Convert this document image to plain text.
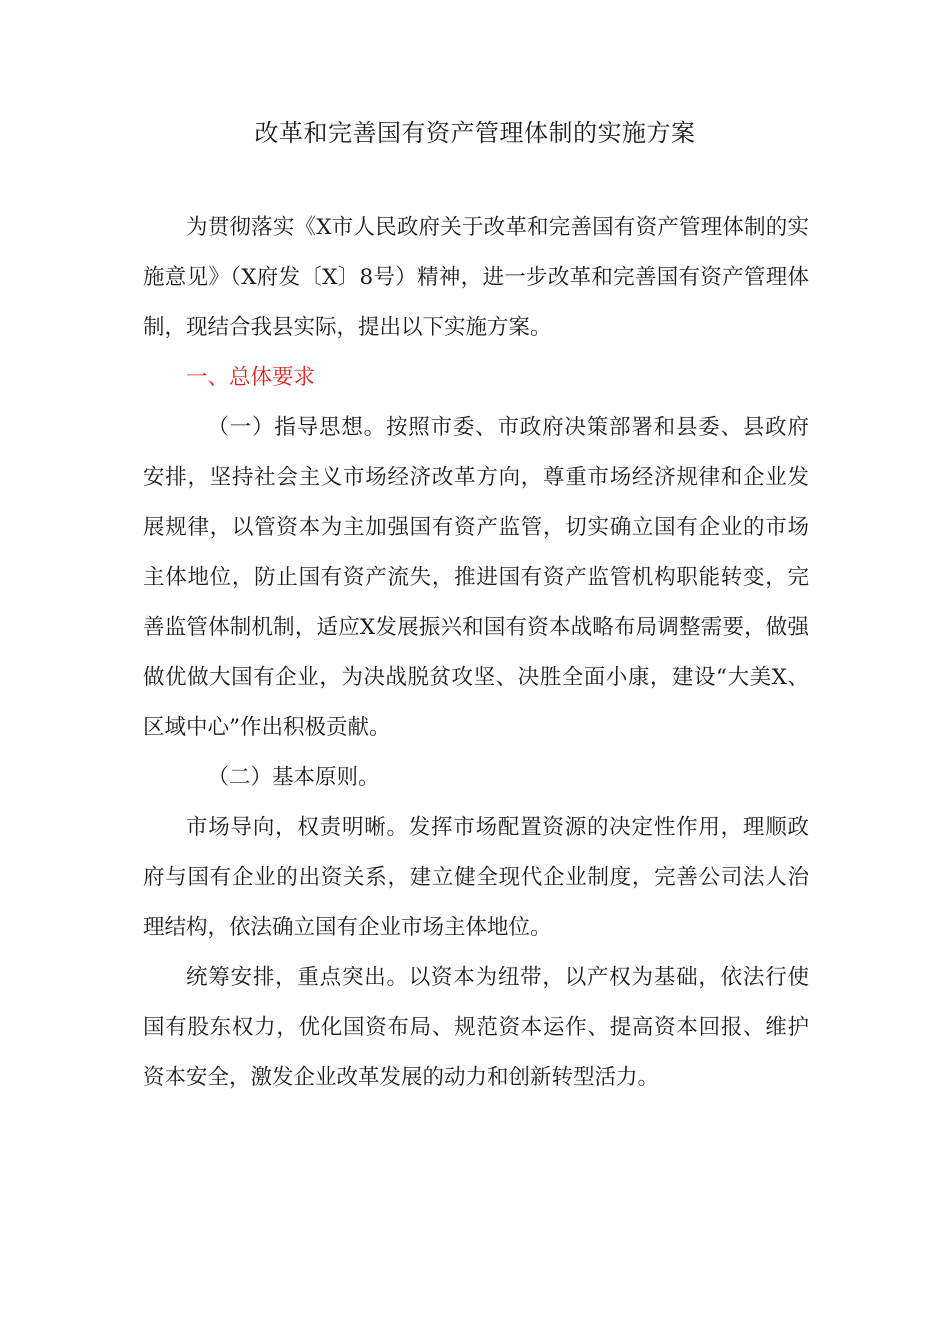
改革和完善国有资产管理体制的实施方案

为贯彻落实《X市人民政府关于改革和完善国有资产管理体制的实施意见》（X府发〔X〕8号）精神，进一步改革和完善国有资产管理体制，现结合我县实际，提出以下实施方案。

一、总体要求

（一）指导思想。按照市委、市政府决策部署和县委、县政府安排，坚持社会主义市场经济改革方向，尊重市场经济规律和企业发展规律，以管资本为主加强国有资产监管，切实确立国有企业的市场主体地位，防止国有资产流失，推进国有资产监管机构职能转变，完善监管体制机制，适应X发展振兴和国有资本战略布局调整需要，做强做优做大国有企业，为决战脱贫攻坚、决胜全面小康，建设“大美X、区域中心”作出积极贡献。

（二）基本原则。

市场导向，权责明晰。发挥市场配置资源的决定性作用，理顺政府与国有企业的出资关系，建立健全现代企业制度，完善公司法人治理结构，依法确立国有企业市场主体地位。

统筹安排，重点突出。以资本为纽带，以产权为基础，依法行使国有股东权力，优化国资布局、规范资本运作、提高资本回报、维护资本安全，激发企业改革发展的动力和创新转型活力。
